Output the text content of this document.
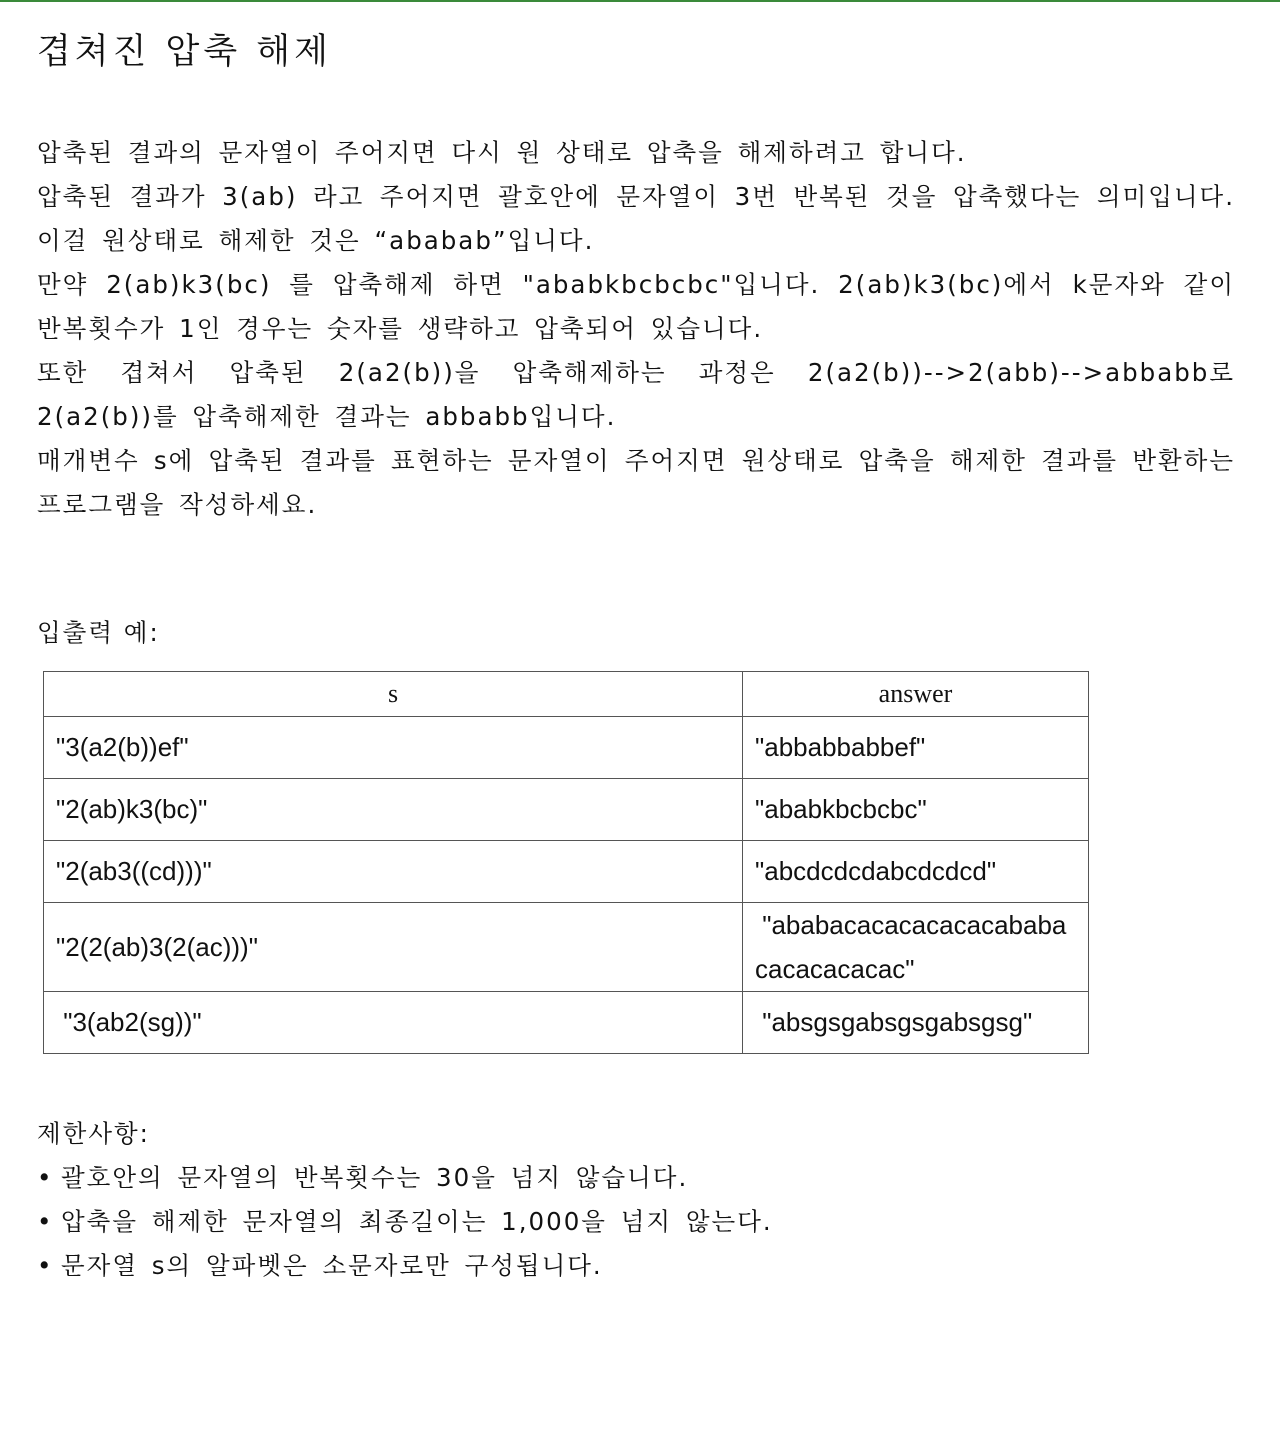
겹쳐진 압축 해제

압축된 결과의 문자열이 주어지면 다시 원 상태로 압축을 해제하려고 합니다.

압축된 결과가 3(ab) 라고 주어지면 괄호안에 문자열이 3번 반복된 것을 압축했다는 의미입니다. 이걸 원상태로 해제한 것은 “ababab”입니다.

만약 2(ab)k3(bc) 를 압축해제 하면 "ababkbcbcbc"입니다. 2(ab)k3(bc)에서 k문자와 같이 반복횟수가 1인 경우는 숫자를 생략하고 압축되어 있습니다.

또한 겹쳐서 압축된 2(a2(b))을 압축해제하는 과정은 2(a2(b))-->2(abb)-->abbabb로 2(a2(b))를 압축해제한 결과는 abbabb입니다.

매개변수 s에 압축된 결과를 표현하는 문자열이 주어지면 원상태로 압축을 해제한 결과를 반환하는 프로그램을 작성하세요.

입출력 예:
s	answer
"3(a2(b))ef"	"abbabbabbef"
"2(ab)k3(bc)"	"ababkbcbcbc"
"2(ab3((cd)))"	"abcdcdcdabcdcdcd"
"2(2(ab)3(2(ac)))"	"ababacacacacacacababacacacacacac"
"3(ab2(sg))"	"absgsgabsgsgabsgsg"
제한사항:
• 괄호안의 문자열의 반복횟수는 30을 넘지 않습니다.
• 압축을 해제한 문자열의 최종길이는 1,000을 넘지 않는다.
• 문자열 s의 알파벳은 소문자로만 구성됩니다.
